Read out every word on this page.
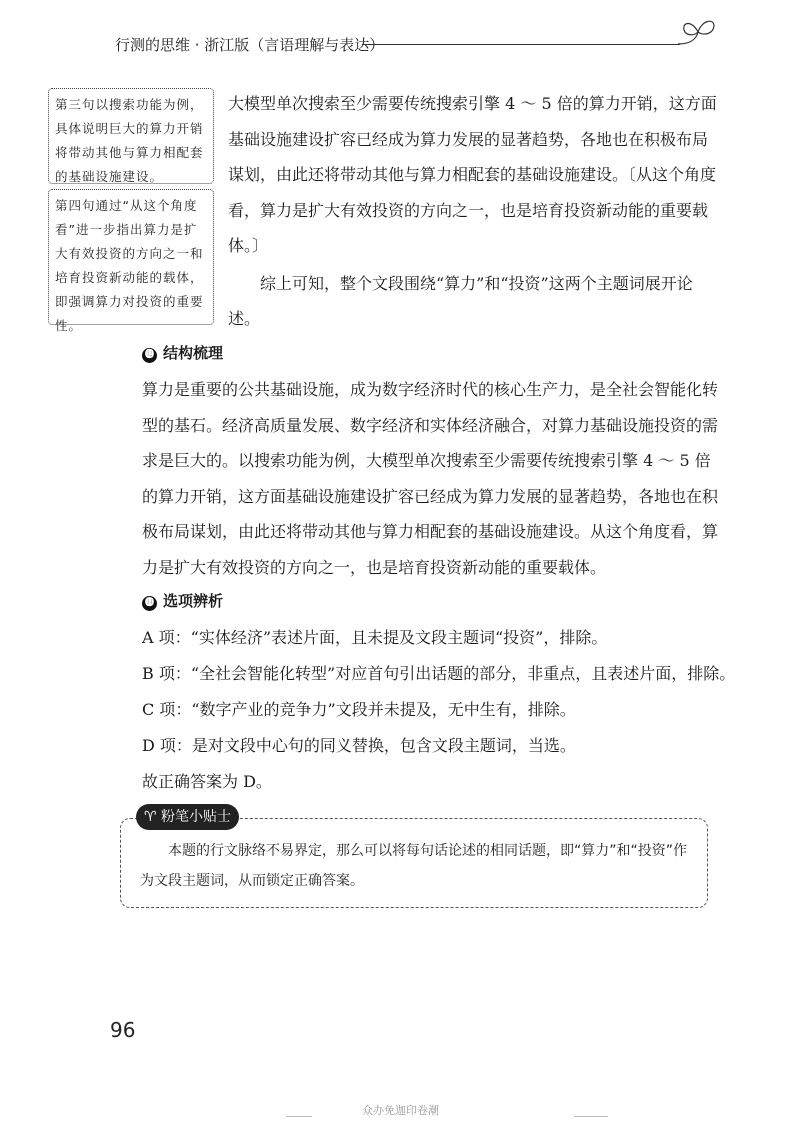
行测的思维 · 浙江版（言语理解与表达）
第三句以搜索功能为例，具体说明巨大的算力开销将带动其他与算力相配套的基础设施建设。
第四句通过“从这个角度看”进一步指出算力是扩大有效投资的方向之一和培育投资新动能的载体，即强调算力对投资的重要性。

大模型单次搜索至少需要传统搜索引擎 4 ～ 5 倍的算力开销，这方面基础设施建设扩容已经成为算力发展的显著趋势，各地也在积极布局谋划，由此还将带动其他与算力相配套的基础设施建设。〔从这个角度看，算力是扩大有效投资的方向之一，也是培育投资新动能的重要载体。〕

综上可知，整个文段围绕“算力”和“投资”这两个主题词展开论述。

⓬ 结构梳理

算力是重要的公共基础设施，成为数字经济时代的核心生产力，是全社会智能化转型的基石。经济高质量发展、数字经济和实体经济融合，对算力基础设施投资的需求是巨大的。以搜索功能为例，大模型单次搜索至少需要传统搜索引擎 4 ～ 5 倍的算力开销，这方面基础设施建设扩容已经成为算力发展的显著趋势，各地也在积极布局谋划，由此还将带动其他与算力相配套的基础设施建设。从这个角度看，算力是扩大有效投资的方向之一，也是培育投资新动能的重要载体。

⓮ 选项辨析

A 项：“实体经济”表述片面，且未提及文段主题词“投资”，排除。

B 项：“全社会智能化转型”对应首句引出话题的部分，非重点，且表述片面，排除。

C 项：“数字产业的竞争力”文段并未提及，无中生有，排除。

D 项：是对文段中心句的同义替换，包含文段主题词，当选。

故正确答案为 D。

♈ 粉笔小贴士
本题的行文脉络不易界定，那么可以将每句话论述的相同话题，即“算力”和“投资”作为文段主题词，从而锁定正确答案。
96
众办免迦印卷潮
